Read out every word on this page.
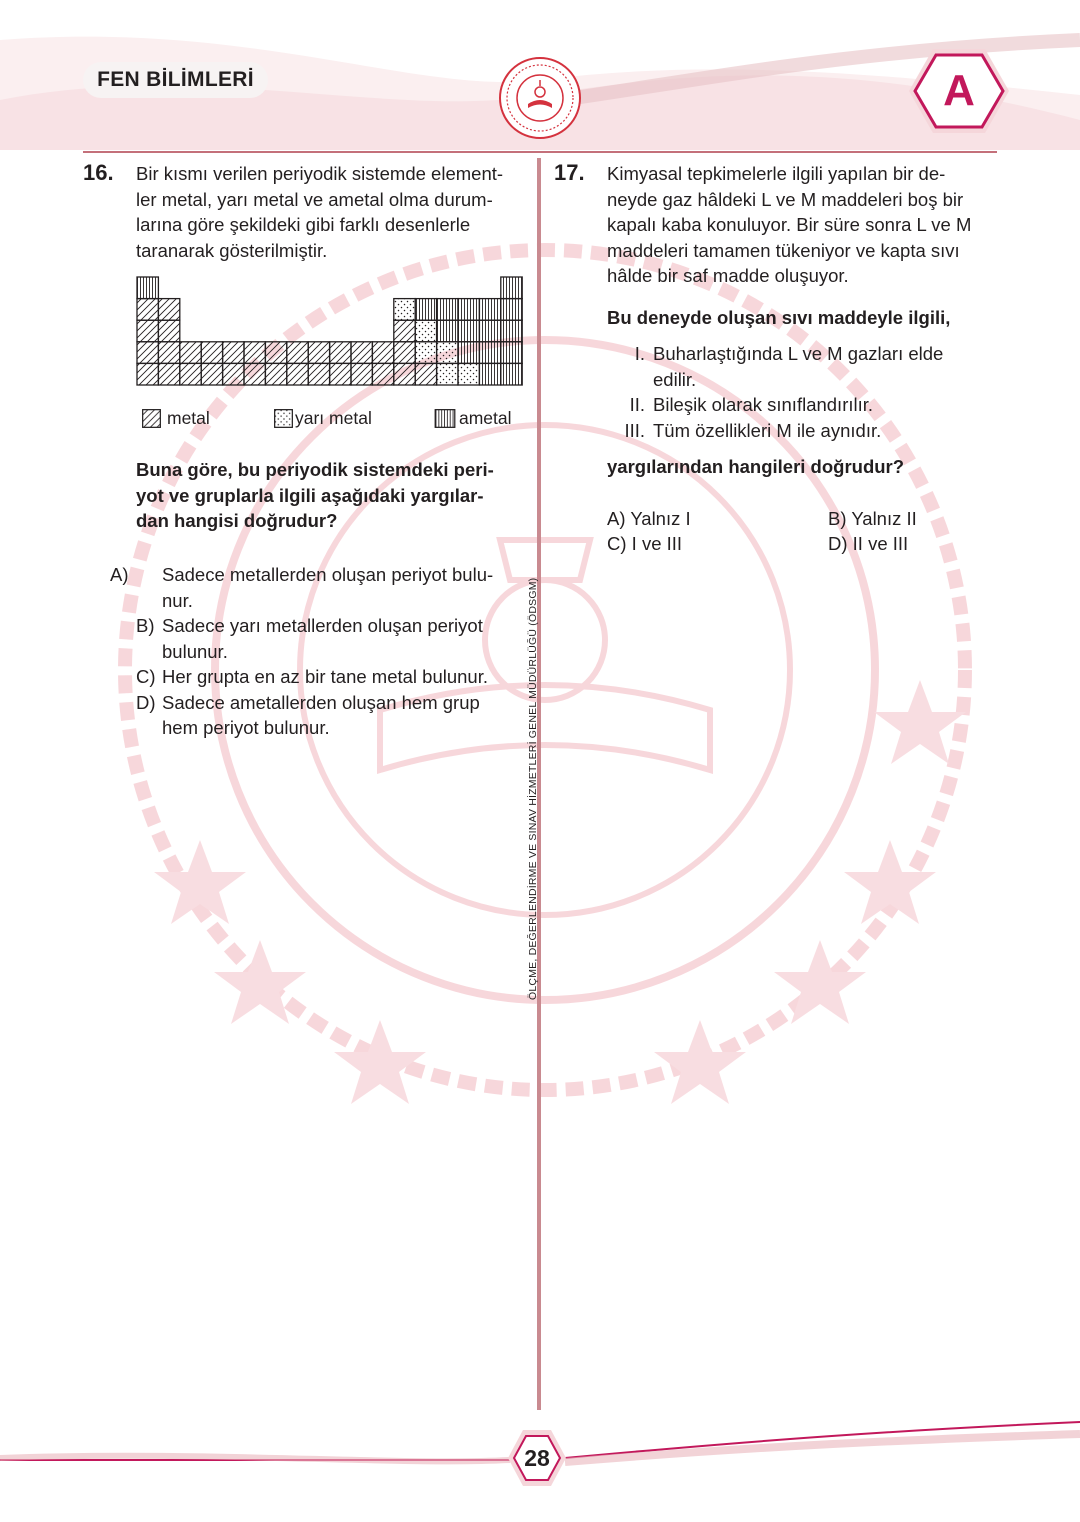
FEN BİLİMLERİ	A
ÖLÇME, DEĞERLENDİRME VE SINAV HİZMETLERİ GENEL MÜDÜRLÜĞÜ (ÖDSGM)
16. Bir kısmı verilen periyodik sistemde element-
ler metal, yarı metal ve ametal olma durum-
larına göre şekildeki gibi farklı desenlerle
taranarak gösterilmiştir.
metal	yarı metal	ametal
Buna göre, bu periyodik sistemdeki peri-
yot ve gruplarla ilgili aşağıdaki yargılar-
dan hangisi doğrudur?
A) Sadece metallerden oluşan periyot bulu-
nur.
B) Sadece yarı metallerden oluşan periyot
bulunur.
C) Her grupta en az bir tane metal bulunur.
D) Sadece ametallerden oluşan hem grup
hem periyot bulunur.
17. Kimyasal tepkimelerle ilgili yapılan bir de-
neyde gaz hâldeki L ve M maddeleri boş bir
kapalı kaba konuluyor. Bir süre sonra L ve M
maddeleri tamamen tükeniyor ve kapta sıvı
hâlde bir saf madde oluşuyor.
Bu deneyde oluşan sıvı maddeyle ilgili,
I. Buharlaştığında L ve M gazları elde
edilir.
II. Bileşik olarak sınıflandırılır.
III. Tüm özellikleri M ile aynıdır.
yargılarından hangileri doğrudur?
A) Yalnız I	B) Yalnız II
C) I ve III	D) II ve III
28
